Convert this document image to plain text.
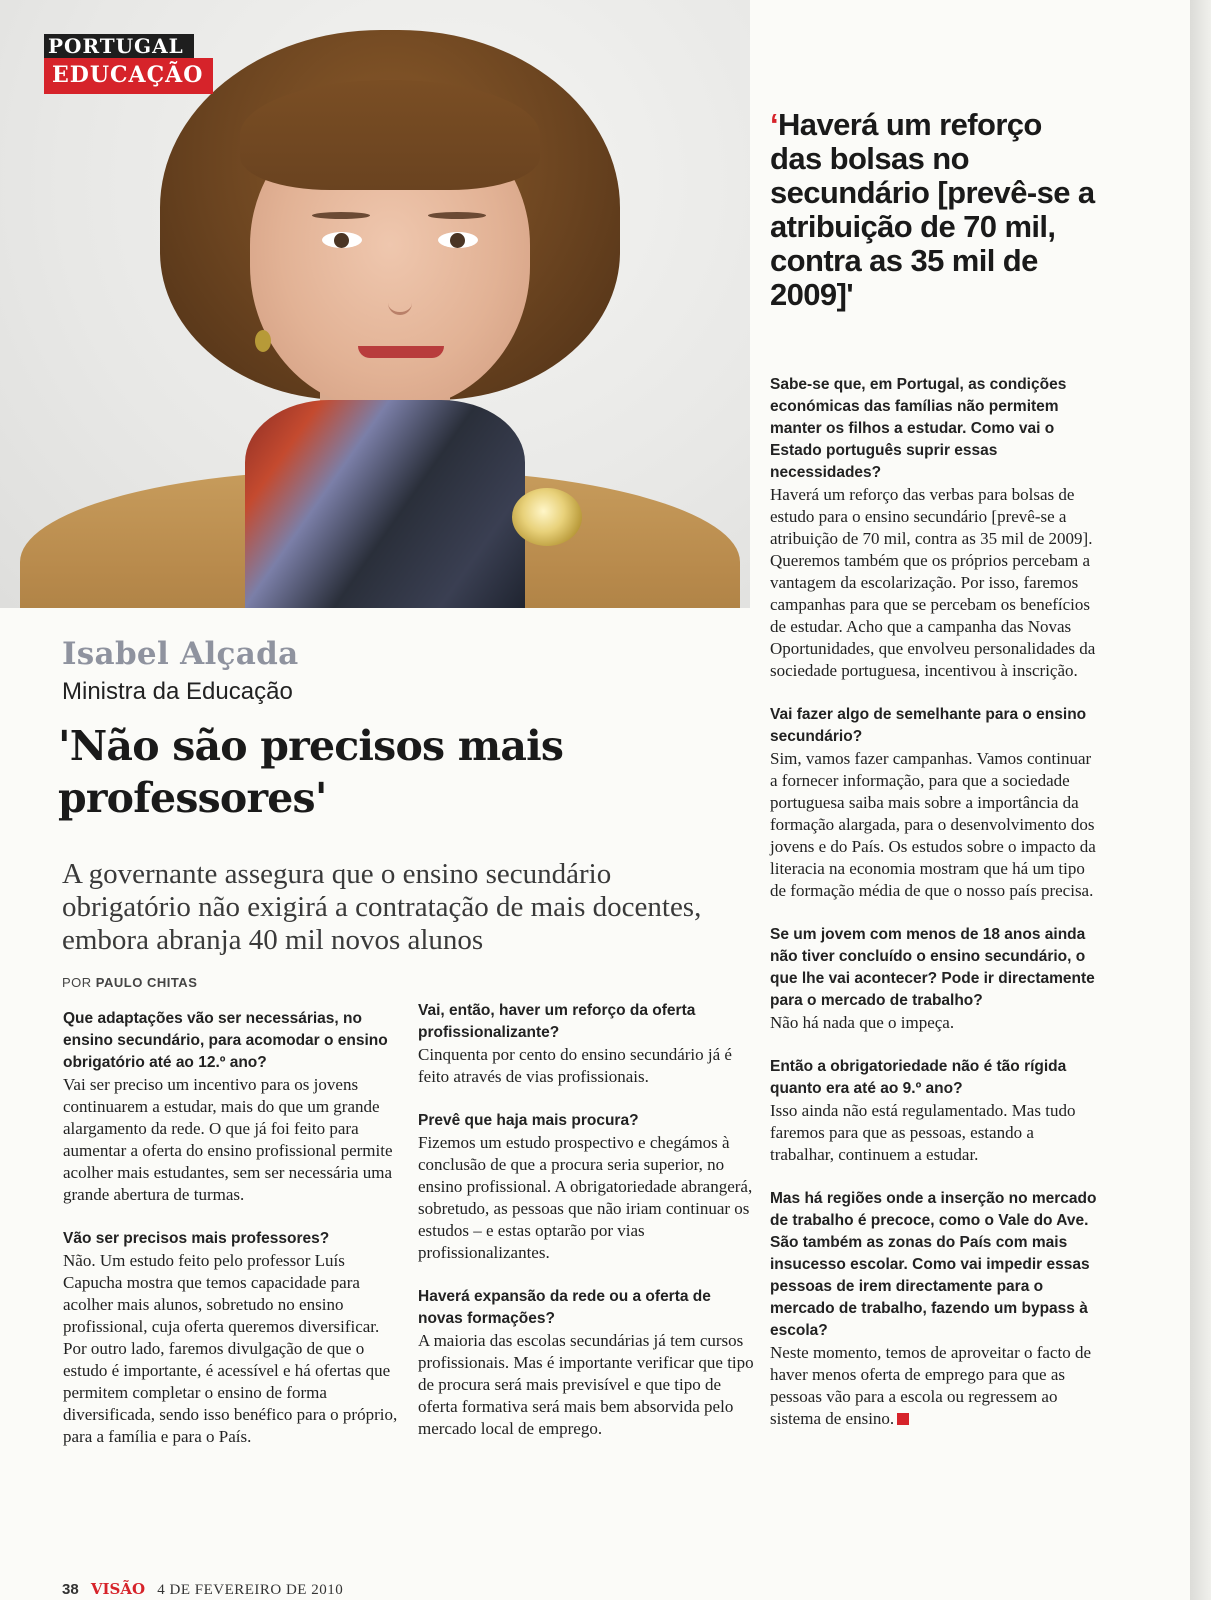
PORTUGAL
EDUCAÇÃO
Isabel Alçada
Ministra da Educação
'Não são precisos mais professores'
A governante assegura que o ensino secundário obrigatório não exigirá a contratação de mais docentes, embora abranja 40 mil novos alunos
POR PAULO CHITAS
‘Haverá um reforço das bolsas no secundário [prevê-se a atribuição de 70 mil, contra as 35 mil de 2009]'

Que adaptações vão ser necessárias, no ensino secundário, para acomodar o ensino obrigatório até ao 12.º ano?

Vai ser preciso um incentivo para os jovens continuarem a estudar, mais do que um grande alargamento da rede. O que já foi feito para aumentar a oferta do ensino profissional permite acolher mais estudantes, sem ser necessária uma grande abertura de turmas.

Vão ser precisos mais professores?

Não. Um estudo feito pelo professor Luís Capucha mostra que temos capacidade para acolher mais alunos, sobretudo no ensino profissional, cuja oferta queremos diversificar. Por outro lado, faremos divulgação de que o estudo é importante, é acessível e há ofertas que permitem completar o ensino de forma diversificada, sendo isso benéfico para o próprio, para a família e para o País.

Vai, então, haver um reforço da oferta profissionalizante?

Cinquenta por cento do ensino secundário já é feito através de vias profissionais.

Prevê que haja mais procura?

Fizemos um estudo prospectivo e chegámos à conclusão de que a procura seria superior, no ensino profissional. A obrigatoriedade abrangerá, sobretudo, as pessoas que não iriam continuar os estudos – e estas optarão por vias profissionalizantes.

Haverá expansão da rede ou a oferta de novas formações?

A maioria das escolas secundárias já tem cursos profissionais. Mas é importante verificar que tipo de procura será mais previsível e que tipo de oferta formativa será mais bem absorvida pelo mercado local de emprego.

Sabe-se que, em Portugal, as condições económicas das famílias não permitem manter os filhos a estudar. Como vai o Estado português suprir essas necessidades?

Haverá um reforço das verbas para bolsas de estudo para o ensino secundário [prevê-se a atribuição de 70 mil, contra as 35 mil de 2009]. Queremos também que os próprios percebam a vantagem da escolarização. Por isso, faremos campanhas para que se percebam os benefícios de estudar. Acho que a campanha das Novas Oportunidades, que envolveu personalidades da sociedade portuguesa, incentivou à inscrição.

Vai fazer algo de semelhante para o ensino secundário?

Sim, vamos fazer campanhas. Vamos continuar a fornecer informação, para que a sociedade portuguesa saiba mais sobre a importância da formação alargada, para o desenvolvimento dos jovens e do País. Os estudos sobre o impacto da literacia na economia mostram que há um tipo de formação média de que o nosso país precisa.

Se um jovem com menos de 18 anos ainda não tiver concluído o ensino secundário, o que lhe vai acontecer? Pode ir directamente para o mercado de trabalho?

Não há nada que o impeça.

Então a obrigatoriedade não é tão rígida quanto era até ao 9.º ano?

Isso ainda não está regulamentado. Mas tudo faremos para que as pessoas, estando a trabalhar, continuem a estudar.

Mas há regiões onde a inserção no mercado de trabalho é precoce, como o Vale do Ave. São também as zonas do País com mais insucesso escolar. Como vai impedir essas pessoas de irem directamente para o mercado de trabalho, fazendo um bypass à escola?

Neste momento, temos de aproveitar o facto de haver menos oferta de emprego para que as pessoas vão para a escola ou regressem ao sistema de ensino.

38 VISÃO 4 DE FEVEREIRO DE 2010
